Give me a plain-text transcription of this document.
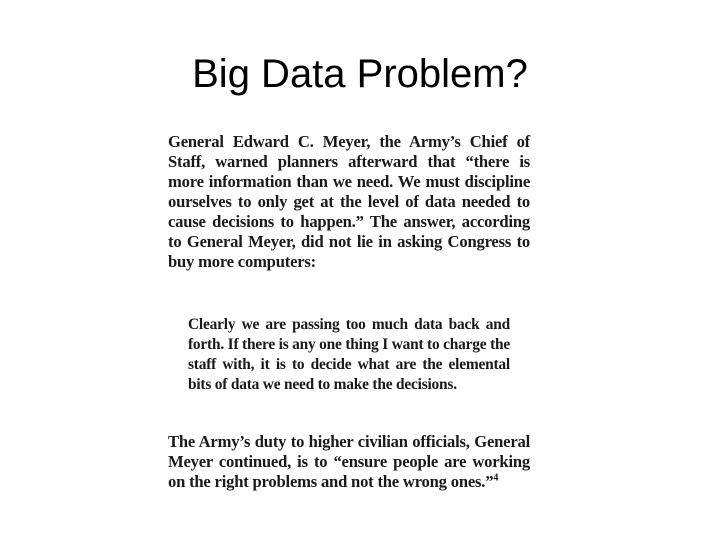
Big Data Problem?

General Edward C. Meyer, the Army’s Chief of Staff, warned planners afterward that “there is more information than we need. We must discipline ourselves to only get at the level of data needed to cause decisions to happen.” The answer, according to General Meyer, did not lie in asking Congress to buy more computers:

Clearly we are passing too much data back and forth. If there is any one thing I want to charge the staff with, it is to decide what are the elemental bits of data we need to make the decisions.

The Army’s duty to higher civilian officials, General Meyer continued, is to “ensure people are working on the right problems and not the wrong ones.”$^4$
